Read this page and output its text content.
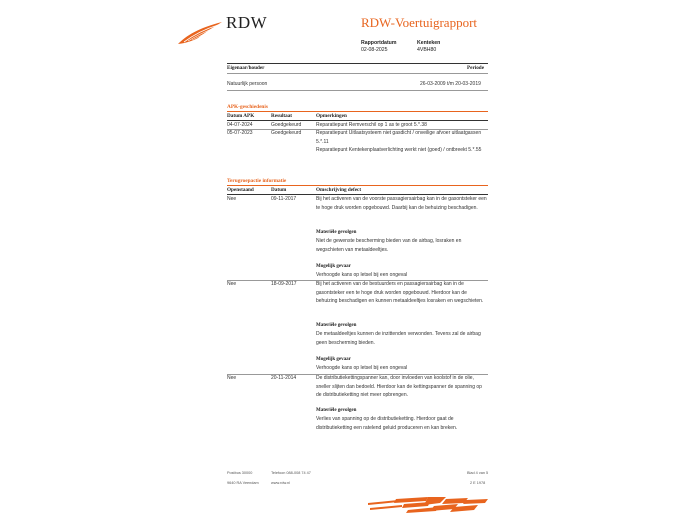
RDW	RDW-Voertuigrapport
Rapportdatum
02-08-2025
Kenteken
4VBH80
Eigenaar/houder	Periode
Natuurlijk persoon	26-03-2009 t/m 20-03-2019
APK-geschiedenis
Datum APK	Resultaat	Opmerkingen
04-07-2024	Goedgekeurd	Reparatiepunt Remverschil op 1 as te groot 5.*.38
05-07-2023	Goedgekeurd	Reparatiepunt Uitlaatsysteem niet gasdicht / onveilige afvoer uitlaatgassen 5.*.11
Reparatiepunt Kentekenplaatverlichting werkt niet (goed) / ontbreekt 5.*.55
Terugroepactie informatie
Openstaand	Datum	Omschrijving defect
Nee	09-11-2017	Bij het activeren van de voorste passagiersairbag kan in de gasontsteker een te hoge druk worden opgebouwd. Daarbij kan de behuizing beschadigen.
Materiële gevolgen
Niet de gewenste bescherming bieden van de airbag, losraken en wegschieten van metaaldeeltjes.
Mogelijk gevaar
Verhoogde kans op letsel bij een ongeval
Nee	18-09-2017	Bij het activeren van de bestuurders en passagiersairbag kan in de gasontsteker een te hoge druk worden opgebouwd. Hierdoor kan de behuizing beschadigen en kunnen metaaldeeltjes losraken en wegschieten.
Materiële gevolgen
De metaaldeeltjes kunnen de inzittenden verwonden. Tevens zal de airbag geen bescherming bieden.
Mogelijk gevaar
Verhoogde kans op letsel bij een ongeval
Nee	20-11-2014	De distributiekettingspanner kan, door invloeden van koolstof in de olie, sneller slijten dan bedoeld. Hierdoor kan de kettingspanner de spanning op de distributieketting niet meer opbrengen.
Materiële gevolgen
Verlies van spanning op de distributieketting. Hierdoor gaat de distributieketting een ratelend geluid produceren en kan breken.
Postbus 30000
9640 RA Veendam
Telefoon 088-008 74 47
www.rdw.nl
Blad 4 van 5
2 E 1978
